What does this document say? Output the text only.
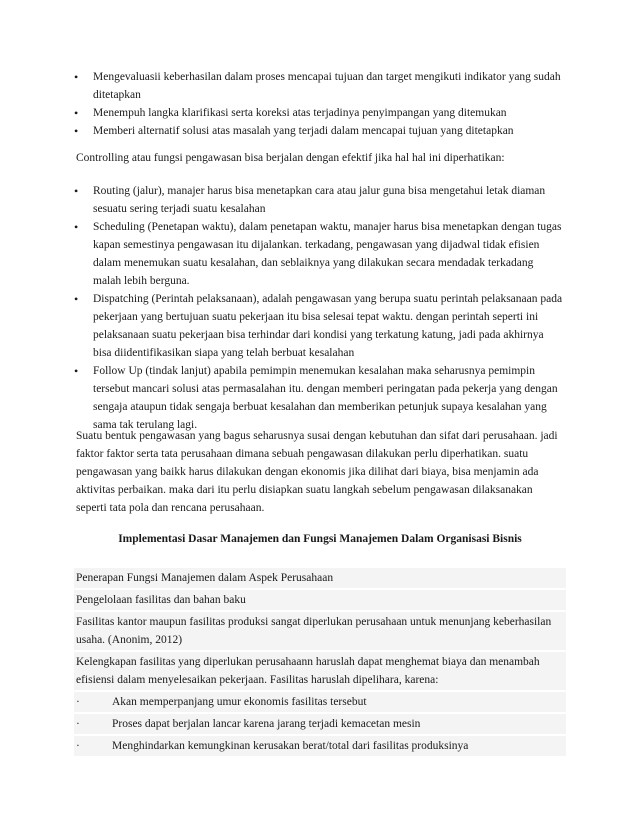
• Mengevaluasii keberhasilan dalam proses mencapai tujuan dan target mengikuti indikator yang sudah ditetapkan
• Menempuh langka klarifikasi serta koreksi atas terjadinya penyimpangan yang ditemukan
• Memberi alternatif solusi atas masalah yang terjadi dalam mencapai tujuan yang ditetapkan

Controlling atau fungsi pengawasan bisa berjalan dengan efektif jika hal hal ini diperhatikan:

• Routing (jalur), manajer harus bisa menetapkan cara atau jalur guna bisa mengetahui letak diaman sesuatu sering terjadi suatu kesalahan
• Scheduling (Penetapan waktu), dalam penetapan waktu, manajer harus bisa menetapkan dengan tugas kapan semestinya pengawasan itu dijalankan. terkadang, pengawasan yang dijadwal tidak efisien dalam menemukan suatu kesalahan, dan seblaiknya yang dilakukan secara mendadak terkadang malah lebih berguna.
• Dispatching (Perintah pelaksanaan), adalah pengawasan yang berupa suatu perintah pelaksanaan pada pekerjaan yang bertujuan suatu pekerjaan itu bisa selesai tepat waktu. dengan perintah seperti ini pelaksanaan suatu pekerjaan bisa terhindar dari kondisi yang terkatung katung, jadi pada akhirnya bisa diidentifikasikan siapa yang telah berbuat kesalahan
• Follow Up (tindak lanjut) apabila pemimpin menemukan kesalahan maka seharusnya pemimpin tersebut mancari solusi atas permasalahan itu. dengan memberi peringatan pada pekerja yang dengan sengaja ataupun tidak sengaja berbuat kesalahan dan memberikan petunjuk supaya kesalahan yang sama tak terulang lagi.

Suatu bentuk pengawasan yang bagus seharusnya susai dengan kebutuhan dan sifat dari perusahaan. jadi faktor faktor serta tata perusahaan dimana sebuah pengawasan dilakukan perlu diperhatikan. suatu pengawasan yang baikk harus dilakukan dengan ekonomis jika dilihat dari biaya, bisa menjamin ada aktivitas perbaikan. maka dari itu perlu disiapkan suatu langkah sebelum pengawasan dilaksanakan seperti tata pola dan rencana perusahaan.

Implementasi Dasar Manajemen dan Fungsi Manajemen Dalam Organisasi Bisnis

Penerapan Fungsi Manajemen dalam Aspek Perusahaan

Pengelolaan fasilitas dan bahan baku

Fasilitas kantor maupun fasilitas produksi sangat diperlukan perusahaan untuk menunjang keberhasilan usaha. (Anonim, 2012)

Kelengkapan fasilitas yang diperlukan perusahaann haruslah dapat menghemat biaya dan menambah efisiensi dalam menyelesaikan pekerjaan. Fasilitas haruslah dipelihara, karena:

·	Akan memperpanjang umur ekonomis fasilitas tersebut
·	Proses dapat berjalan lancar karena jarang terjadi kemacetan mesin
·	Menghindarkan kemungkinan kerusakan berat/total dari fasilitas produksinya
